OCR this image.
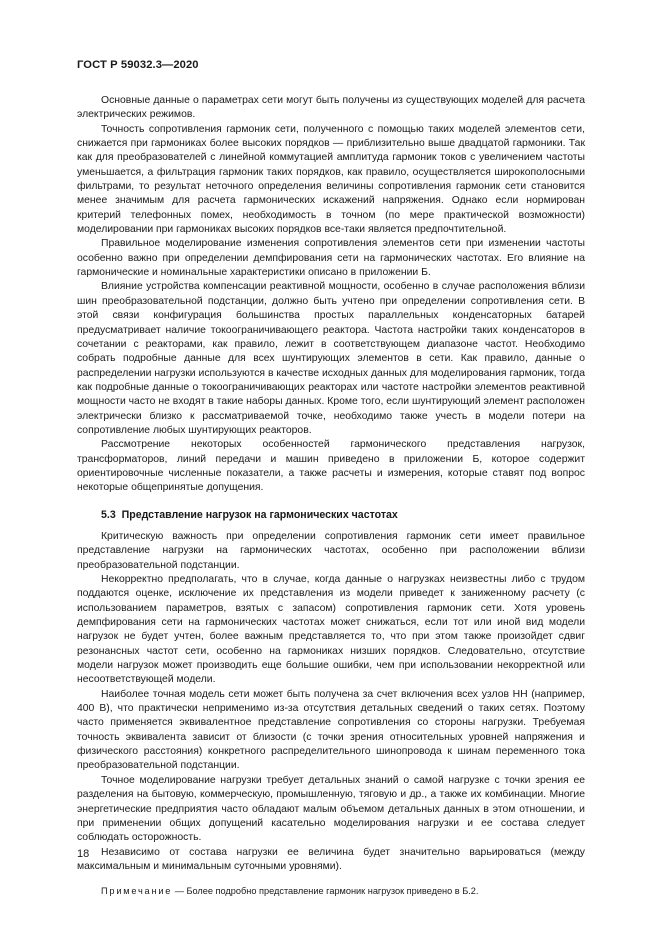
ГОСТ Р 59032.3—2020

Основные данные о параметрах сети могут быть получены из существующих моделей для расчета электрических режимов.

Точность сопротивления гармоник сети, полученного с помощью таких моделей элементов сети, снижается при гармониках более высоких порядков — приблизительно выше двадцатой гармоники. Так как для преобразователей с линейной коммутацией амплитуда гармоник токов с увеличением частоты уменьшается, а фильтрация гармоник таких порядков, как правило, осуществляется широкополосными фильтрами, то результат неточного определения величины сопротивления гармоник сети становится менее значимым для расчета гармонических искажений напряжения. Однако если нормирован критерий телефонных помех, необходимость в точном (по мере практической возможности) моделировании при гармониках высоких порядков все-таки является предпочтительной.

Правильное моделирование изменения сопротивления элементов сети при изменении частоты особенно важно при определении демпфирования сети на гармонических частотах. Его влияние на гармонические и номинальные характеристики описано в приложении Б.

Влияние устройства компенсации реактивной мощности, особенно в случае расположения вблизи шин преобразовательной подстанции, должно быть учтено при определении сопротивления сети. В этой связи конфигурация большинства простых параллельных конденсаторных батарей предусматривает наличие токоограничивающего реактора. Частота настройки таких конденсаторов в сочетании с реакторами, как правило, лежит в соответствующем диапазоне частот. Необходимо собрать подробные данные для всех шунтирующих элементов в сети. Как правило, данные о распределении нагрузки используются в качестве исходных данных для моделирования гармоник, тогда как подробные данные о токоограничивающих реакторах или частоте настройки элементов реактивной мощности часто не входят в такие наборы данных. Кроме того, если шунтирующий элемент расположен электрически близко к рассматриваемой точке, необходимо также учесть в модели потери на сопротивление любых шунтирующих реакторов.

Рассмотрение некоторых особенностей гармонического представления нагрузок, трансформаторов, линий передачи и машин приведено в приложении Б, которое содержит ориентировочные численные показатели, а также расчеты и измерения, которые ставят под вопрос некоторые общепринятые допущения.

5.3 Представление нагрузок на гармонических частотах

Критическую важность при определении сопротивления гармоник сети имеет правильное представление нагрузки на гармонических частотах, особенно при расположении вблизи преобразовательной подстанции.

Некорректно предполагать, что в случае, когда данные о нагрузках неизвестны либо с трудом поддаются оценке, исключение их представления из модели приведет к заниженному расчету (с использованием параметров, взятых с запасом) сопротивления гармоник сети. Хотя уровень демпфирования сети на гармонических частотах может снижаться, если тот или иной вид модели нагрузок не будет учтен, более важным представляется то, что при этом также произойдет сдвиг резонансных частот сети, особенно на гармониках низших порядков. Следовательно, отсутствие модели нагрузок может производить еще большие ошибки, чем при использовании некорректной или несоответствующей модели.

Наиболее точная модель сети может быть получена за счет включения всех узлов НН (например, 400 В), что практически неприменимо из-за отсутствия детальных сведений о таких сетях. Поэтому часто применяется эквивалентное представление сопротивления со стороны нагрузки. Требуемая точность эквивалента зависит от близости (с точки зрения относительных уровней напряжения и физического расстояния) конкретного распределительного шинопровода к шинам переменного тока преобразовательной подстанции.

Точное моделирование нагрузки требует детальных знаний о самой нагрузке с точки зрения ее разделения на бытовую, коммерческую, промышленную, тяговую и др., а также их комбинации. Многие энергетические предприятия часто обладают малым объемом детальных данных в этом отношении, и при применении общих допущений касательно моделирования нагрузки и ее состава следует соблюдать осторожность.

Независимо от состава нагрузки ее величина будет значительно варьироваться (между максимальным и минимальным суточными уровнями).

Примечание — Более подробно представление гармоник нагрузок приведено в Б.2.

18
